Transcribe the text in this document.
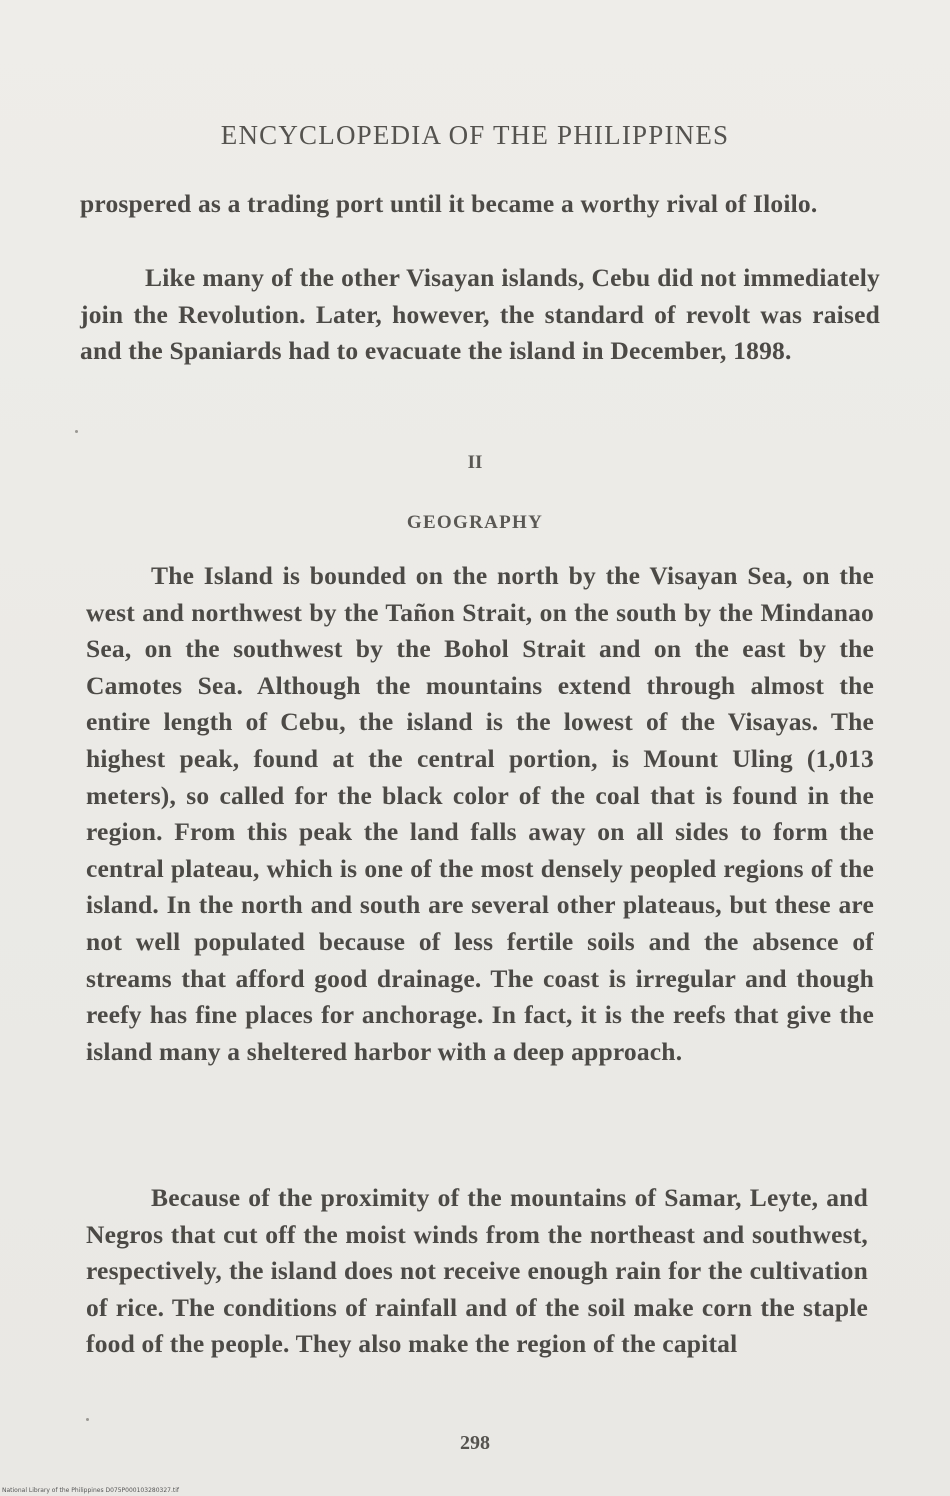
ENCYCLOPEDIA OF THE PHILIPPINES
prospered as a trading port until it became a worthy rival of Iloilo.
Like many of the other Visayan islands, Cebu did not immediately join the Revolution. Later, however, the standard of revolt was raised and the Spaniards had to evacuate the island in December, 1898.
II
GEOGRAPHY
The Island is bounded on the north by the Visayan Sea, on the west and northwest by the Tañon Strait, on the south by the Mindanao Sea, on the southwest by the Bohol Strait and on the east by the Camotes Sea. Although the mountains extend through almost the entire length of Cebu, the island is the lowest of the Visayas. The highest peak, found at the central portion, is Mount Uling (1,013 meters), so called for the black color of the coal that is found in the region. From this peak the land falls away on all sides to form the central plateau, which is one of the most densely peopled regions of the island. In the north and south are several other plateaus, but these are not well populated because of less fertile soils and the absence of streams that afford good drainage. The coast is irregular and though reefy has fine places for anchorage. In fact, it is the reefs that give the island many a sheltered harbor with a deep approach.
Because of the proximity of the mountains of Samar, Leyte, and Negros that cut off the moist winds from the northeast and southwest, respectively, the island does not receive enough rain for the cultivation of rice. The conditions of rainfall and of the soil make corn the staple food of the people. They also make the region of the capital
298
National Library of the Philippines D075P000103280327.tif
